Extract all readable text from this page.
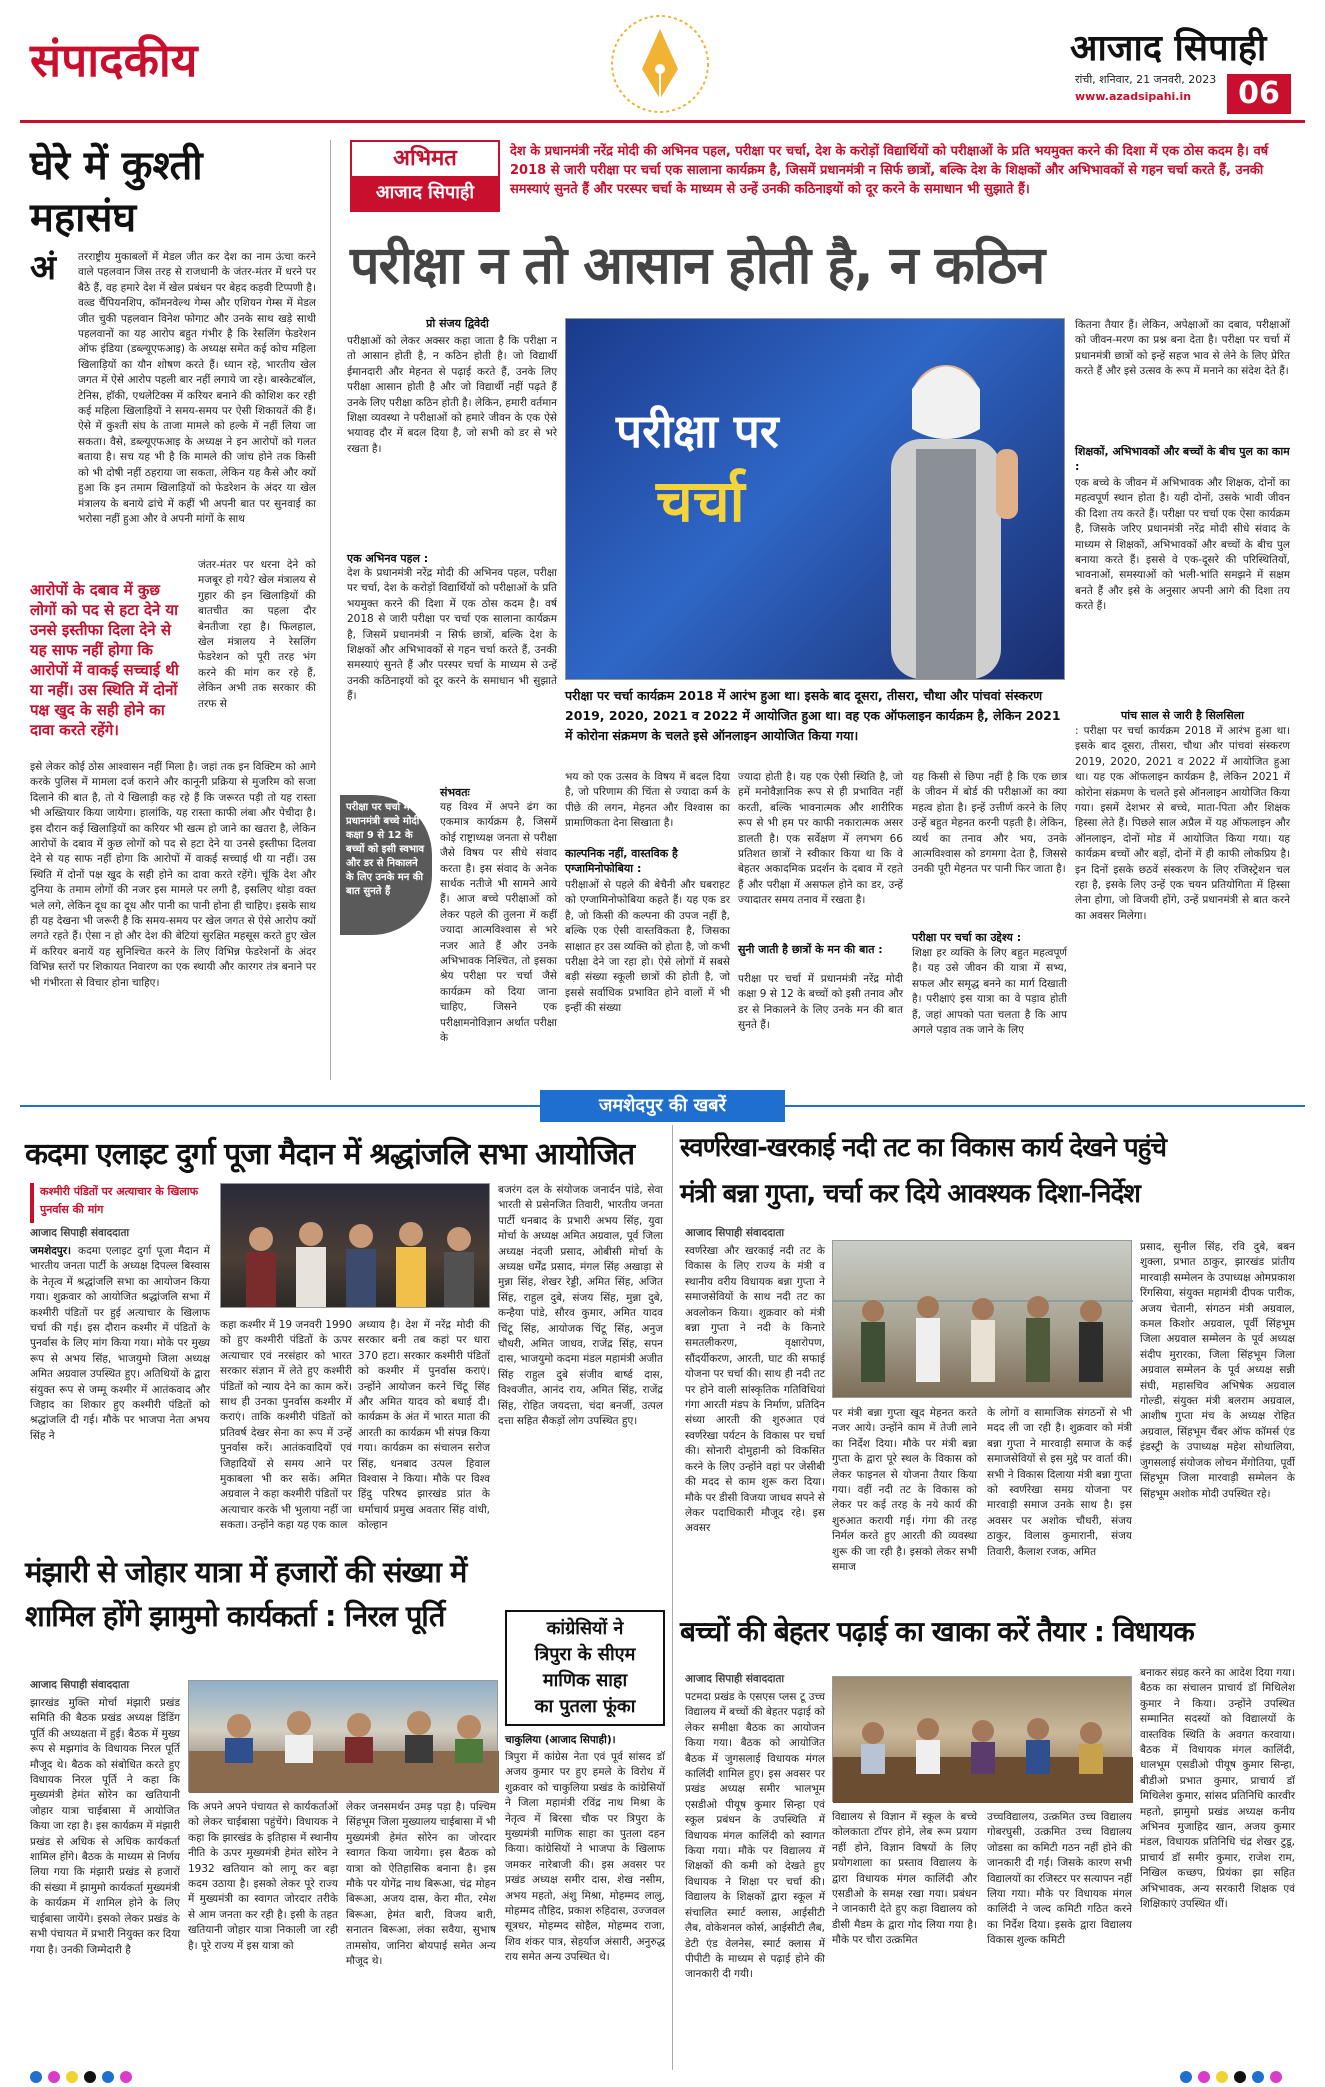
संपादकीय	आजाद सिपाही
रांची, शनिवार, 21 जनवरी, 2023
www.azadsipahi.in	06
घेरे में कुश्ती
महासंघ
अं तरराष्ट्रीय मुकाबलों में मेडल जीत कर देश का नाम ऊंचा करने वाले पहलवान जिस तरह से राजधानी के जंतर-मंतर में धरने पर बैठे हैं, वह हमारे देश में खेल प्रबंधन पर बेहद कड़वी टिप्पणी है। वल्र्ड चैंपियनशिप, कॉमनवेल्थ गेम्स और एशियन गेम्स में मेडल जीत चुकी पहलवान विनेश फोगाट और उनके साथ खड़े साथी पहलवानों का यह आरोप बहुत गंभीर है कि रेसलिंग फेडरेशन ऑफ इंडिया (डब्ल्यूएफआइ) के अध्यक्ष समेत कई कोच महिला खिलाड़ियों का यौन शोषण करते हैं। ध्यान रहे, भारतीय खेल जगत में ऐसे आरोप पहली बार नहीं लगाये जा रहे। बास्केटबॉल, टेनिस, हॉकी, एथलेटिक्स में करियर बनाने की कोशिश कर रही कई महिला खिलाड़ियों ने समय-समय पर ऐसी शिकायतें की हैं। ऐसे में कुश्ती संघ के ताजा मामले को हल्के में नहीं लिया जा सकता। वैसे, डब्ल्यूएफआइ के अध्यक्ष ने इन आरोपों को गलत बताया है। सच यह भी है कि मामले की जांच होने तक किसी को भी दोषी नहीं ठहराया जा सकता, लेकिन यह कैसे और क्यों हुआ कि इन तमाम खिलाड़ियों को फेडरेशन के अंदर या खेल मंत्रालय के बनाये ढांचे में कहीं भी अपनी बात पर सुनवाई का भरोसा नहीं हुआ और वे अपनी मांगों के साथ
आरोपों के दबाव में कुछ लोगों को पद से हटा देने या उनसे इस्तीफा दिला देने से यह साफ नहीं होगा कि आरोपों में वाकई सच्चाई थी या नहीं। उस स्थिति में दोनों पक्ष खुद के सही होने का दावा करते रहेंगे।
जंतर-मंतर पर धरना देने को मजबूर हो गये? खेल मंत्रालय से गुहार की इन खिलाड़ियों की बातचीत का पहला दौर बेनतीजा रहा है। फिलहाल, खेल मंत्रालय ने रेसलिंग फेडरेशन को पूरी तरह भंग करने की मांग कर रहे हैं, लेकिन अभी तक सरकार की तरफ से
इसे लेकर कोई ठोस आश्वासन नहीं मिला है। जहां तक इन विक्टिम को आगे करके पुलिस में मामला दर्ज कराने और कानूनी प्रक्रिया से मुजरिम को सजा दिलाने की बात है, तो ये खिलाड़ी कह रहे हैं कि जरूरत पड़ी तो यह रास्ता भी अख्तियार किया जायेगा। हालांकि, यह रास्ता काफी लंबा और पेचीदा है। इस दौरान कई खिलाड़ियों का करियर भी खत्म हो जाने का खतरा है, लेकिन आरोपों के दबाव में कुछ लोगों को पद से हटा देने या उनसे इस्तीफा दिलवा देने से यह साफ नहीं होगा कि आरोपों में वाकई सच्चाई थी या नहीं। उस स्थिति में दोनों पक्ष खुद के सही होने का दावा करते रहेंगे। चूंकि देश और दुनिया के तमाम लोगों की नजर इस मामले पर लगी है, इसलिए थोड़ा वक्त भले लगे, लेकिन दूध का दूध और पानी का पानी होना ही चाहिए। इसके साथ ही यह देखना भी जरूरी है कि समय-समय पर खेल जगत से ऐसे आरोप क्यों लगते रहते हैं। ऐसा न हो और देश की बेटियां सुरक्षित महसूस करते हुए खेल में करियर बनायें यह सुनिश्चित करने के लिए विभिन्न फेडरेशनों के अंदर विभिन्न स्तरों पर शिकायत निवारण का एक स्थायी और कारगर तंत्र बनाने पर भी गंभीरता से विचार होना चाहिए।
अभिमत
आजाद सिपाही
देश के प्रधानमंत्री नरेंद्र मोदी की अभिनव पहल, परीक्षा पर चर्चा, देश के करोड़ों विद्यार्थियों को परीक्षाओं के प्रति भयमुक्त करने की दिशा में एक ठोस कदम है। वर्ष 2018 से जारी परीक्षा पर चर्चा एक सालाना कार्यक्रम है, जिसमें प्रधानमंत्री न सिर्फ छात्रों, बल्कि देश के शिक्षकों और अभिभावकों से गहन चर्चा करते हैं, उनकी समस्याएं सुनते हैं और परस्पर चर्चा के माध्यम से उन्हें उनकी कठिनाइयों को दूर करने के समाधान भी सुझाते हैं।
परीक्षा न तो आसान होती है, न कठिन
प्रो संजय द्विवेदी
परीक्षाओं को लेकर अक्सर कहा जाता है कि परीक्षा न तो आसान होती है, न कठिन होती है। जो विद्यार्थी ईमानदारी और मेहनत से पढ़ाई करते हैं, उनके लिए परीक्षा आसान होती है और जो विद्यार्थी नहीं पढ़ते हैं उनके लिए परीक्षा कठिन होती है। लेकिन, हमारी वर्तमान शिक्षा व्यवस्था ने परीक्षाओं को हमारे जीवन के एक ऐसे भयावह दौर में बदल दिया है, जो सभी को डर से भरे रखता है।
एक अभिनव पहल :
देश के प्रधानमंत्री नरेंद्र मोदी की अभिनव पहल, परीक्षा पर चर्चा, देश के करोड़ों विद्यार्थियों को परीक्षाओं के प्रति भयमुक्त करने की दिशा में एक ठोस कदम है। वर्ष 2018 से जारी परीक्षा पर चर्चा एक सालाना कार्यक्रम है, जिसमें प्रधानमंत्री न सिर्फ छात्रों, बल्कि देश के शिक्षकों और अभिभावकों से गहन चर्चा करते हैं, उनकी समस्याएं सुनते हैं और परस्पर चर्चा के माध्यम से उन्हें उनकी कठिनाइयों को दूर करने के समाधान भी सुझाते हैं।
परीक्षा पर चर्चा में प्रधानमंत्री बच्चे मोदी कक्षा 9 से 12 के बच्चों को इसी स्वभाव और डर से निकालने के लिए उनके मन की बात सुनते हैं
संभवतः
यह विश्व में अपने ढंग का एकमात्र कार्यक्रम है, जिसमें कोई राष्ट्राध्यक्ष जनता से परीक्षा जैसे विषय पर सीधे संवाद करता है। इस संवाद के अनेक सार्थक नतीजे भी सामने आये हैं। आज बच्चे परीक्षाओं को लेकर पहले की तुलना में कहीं ज्यादा आत्मविश्वास से भरे नजर आते हैं और उनके अभिभावक निश्चित, तो इसका श्रेय परीक्षा पर चर्चा जैसे कार्यक्रम को दिया जाना चाहिए, जिसने एक परीक्षामनोविज्ञान अर्थात परीक्षा के
परीक्षा पर
चर्चा
परीक्षा पर चर्चा कार्यक्रम 2018 में आरंभ हुआ था। इसके बाद दूसरा, तीसरा, चौथा और पांचवां संस्करण 2019, 2020, 2021 व 2022 में आयोजित हुआ था। वह एक ऑफलाइन कार्यक्रम है, लेकिन 2021 में कोरोना संक्रमण के चलते इसे ऑनलाइन आयोजित किया गया।
भय को एक उत्सव के विषय में बदल दिया है, जो परिणाम की चिंता से ज्यादा कर्म के पीछे की लगन, मेहनत और विश्वास का प्रामाणिकता देना सिखाता है।
काल्पनिक नहीं, वास्तविक है एग्जामिनोफोबिया :
परीक्षाओं से पहले की बेचैनी और घबराहट को एग्जामिनोफोबिया कहते हैं। यह एक डर है, जो किसी की कल्पना की उपज नहीं है, बल्कि एक ऐसी वास्तविकता है, जिसका साक्षात हर उस व्यक्ति को होता है, जो कभी परीक्षा देने जा रहा हो। ऐसे लोगों में सबसे बड़ी संख्या स्कूली छात्रों की होती है, जो इससे सर्वाधिक प्रभावित होने वालों में भी इन्हीं की संख्या
ज्यादा होती है। यह एक ऐसी स्थिति है, जो हमें मनोवैज्ञानिक रूप से ही प्रभावित नहीं करती, बल्कि भावनात्मक और शारीरिक रूप से भी हम पर काफी नकारात्मक असर डालती है। एक सर्वेक्षण में लगभग 66 प्रतिशत छात्रों ने स्वीकार किया था कि वे बेहतर अकादमिक प्रदर्शन के दबाव में रहते हैं और परीक्षा में असफल होने का डर, उन्हें ज्यादातर समय तनाव में रखता है।
सुनी जाती है छात्रों के मन की बात :
परीक्षा पर चर्चा में प्रधानमंत्री नरेंद्र मोदी कक्षा 9 से 12 के बच्चों को इसी तनाव और डर से निकालने के लिए उनके मन की बात सुनते हैं।
यह किसी से छिपा नहीं है कि एक छात्र के जीवन में बोर्ड की परीक्षाओं का क्या महत्व होता है। इन्हें उत्तीर्ण करने के लिए उन्हें बहुत मेहनत करनी पड़ती है। लेकिन, व्यर्थ का तनाव और भय, उनके आत्मविश्वास को डगमगा देता है, जिससे उनकी पूरी मेहनत पर पानी फिर जाता है।
परीक्षा पर चर्चा का उद्देश्य :
शिक्षा हर व्यक्ति के लिए बहुत महत्वपूर्ण है। यह उसे जीवन की यात्रा में सभ्य, सफल और समृद्ध बनने का मार्ग दिखाती है। परीक्षाएं इस यात्रा का वे पड़ाव होती हैं, जहां आपको पता चलता है कि आप अगले पड़ाव तक जाने के लिए
कितना तैयार हैं। लेकिन, अपेक्षाओं का दबाव, परीक्षाओं को जीवन-मरण का प्रश्न बना देता है। परीक्षा पर चर्चा में प्रधानमंत्री छात्रों को इन्हें सहज भाव से लेने के लिए प्रेरित करते हैं और इसे उत्सव के रूप में मनाने का संदेश देते हैं।
शिक्षकों, अभिभावकों और बच्चों के बीच पुल का काम :
एक बच्चे के जीवन में अभिभावक और शिक्षक, दोनों का महत्वपूर्ण स्थान होता है। यही दोनों, उसके भावी जीवन की दिशा तय करते हैं। परीक्षा पर चर्चा एक ऐसा कार्यक्रम है, जिसके जरिए प्रधानमंत्री नरेंद्र मोदी सीधे संवाद के माध्यम से शिक्षकों, अभिभावकों और बच्चों के बीच पुल बनाया करते हैं। इससे वे एक-दूसरे की परिस्थितियों, भावनाओं, समस्याओं को भली-भांति समझने में सक्षम बनते हैं और इसे के अनुसार अपनी आगे की दिशा तय करते हैं।
पांच साल से जारी है सिलसिला
: परीक्षा पर चर्चा कार्यक्रम 2018 में आरंभ हुआ था। इसके बाद दूसरा, तीसरा, चौथा और पांचवां संस्करण 2019, 2020, 2021 व 2022 में आयोजित हुआ था। यह एक ऑफलाइन कार्यक्रम है, लेकिन 2021 में कोरोना संक्रमण के चलते इसे ऑनलाइन आयोजित किया गया। इसमें देशभर से बच्चे, माता-पिता और शिक्षक हिस्सा लेते हैं। पिछले साल अप्रैल में यह ऑफलाइन और ऑनलाइन, दोनों मोड में आयोजित किया गया। यह कार्यक्रम बच्चों और बड़ों, दोनों में ही काफी लोकप्रिय है। इन दिनों इसके छठवें संस्करण के लिए रजिस्ट्रेशन चल रहा है, इसके लिए उन्हें एक चयन प्रतियोगिता में हिस्सा लेना होगा, जो विजयी होंगे, उन्हें प्रधानमंत्री से बात करने का अवसर मिलेगा।
जमशेदपुर की खबरें
कदमा एलाइट दुर्गा पूजा मैदान में श्रद्धांजलि सभा आयोजित
कश्मीरी पंडितों पर अत्याचार के खिलाफ पुनर्वास की मांग
आजाद सिपाही संवाददाता
जमशेदपुर। कदमा एलाइट दुर्गा पूजा मैदान में भारतीय जनता पार्टी के अध्यक्ष दिपल्ल बिस्वास के नेतृत्व में श्रद्धांजलि सभा का आयोजन किया गया। शुक्रवार को आयोजित श्रद्धांजलि सभा में कश्मीरी पंडितों पर हुई अत्याचार के खिलाफ चर्चा की गई। इस दौरान कश्मीर में पंडितों के पुनर्वास के लिए मांग किया गया। मोके पर मुख्य रूप से अभय सिंह, भाजयुमो जिला अध्यक्ष अमित अग्रवाल उपस्थित हुए। अतिथियों के द्वारा संयुक्त रूप से जम्मू कश्मीर में आतंकवाद और जिहाद का शिकार हुए कश्मीरी पंडितों को श्रद्धांजलि दी गई। मौके पर भाजपा नेता अभय सिंह ने
कहा कश्मीर में 19 जनवरी 1990 को हुए कश्मीरी पंडितों के ऊपर अत्याचार एवं नरसंहार को भारत सरकार संज्ञान में लेते हुए कश्मीरी पंडितों को न्याय देने का काम करें। साथ ही उनका पुनर्वास कश्मीर में कराएं। ताकि कश्मीरी पंडितों को प्रतिवर्ष देखर सेना का रूप में उन्हें पुनर्वास करें। आतंकवादियों एवं जिहादियों से समय आने पर मुकाबला भी कर सकें। अमित अग्रवाल ने कहा कश्मीरी पंडितों पर अत्याचार करके भी भुलाया नहीं जा सकता। उन्होंने कहा यह एक काल
अध्याय है। देश में नरेंद्र मोदी की सरकार बनी तब कहां पर धारा 370 हटा। सरकार कश्मीरी पंडितों को कश्मीर में पुनर्वास कराएं। उन्होंने आयोजन करने चिंटू सिंह और अमित यादव को बधाई दी। कार्यक्रम के अंत में भारत माता की आरती का कार्यक्रम भी संपन्न किया गया। कार्यक्रम का संचालन सरोज सिंह, धनबाद उत्पल हिवाल विश्वास ने किया। मौके पर विश्व हिंदु परिषद झारखंड प्रांत के धर्माचार्य प्रमुख अवतार सिंह वांधी, कोल्हान
बजरंग दल के संयोजक जनार्दन पांडे, सेवा भारती से प्रसेनजित तिवारी, भारतीय जनता पार्टी धनबाद के प्रभारी अभय सिंह, युवा मोर्चा के अध्यक्ष अमित अग्रवाल, पूर्व जिला अध्यक्ष नंदजी प्रसाद, ओबीसी मोर्चा के अध्यक्ष धर्मेंद्र प्रसाद, मंगल सिंह अखाड़ा से मुन्ना सिंह, शेखर रेड्डी, अमित सिंह, अजित सिंह, राहुल दुबे, संजय सिंह, मुन्ना दुबे, कन्हैया पांडे, सौरव कुमार, अमित यादव चिंटू सिंह, आयोजक चिंटू सिंह, अनुज चौधरी, अमित जाधव, राजेंद्र सिंह, सपन दास, भाजयुमो कदमा मंडल महामंत्री अजीत सिंह राहुल दुबे संजीव बार्ष्ड दास, विश्वजीत, आनंद राय, अमित सिंह, राजेंद्र सिंह, रोहित जयदत्ता, चंदा बनर्जी, उत्पल दत्ता सहित सैकड़ों लोग उपस्थित हुए।
मंझारी से जोहार यात्रा में हजारों की संख्या में शामिल होंगे झामुमो कार्यकर्ता : निरल पूर्ति
आजाद सिपाही संवाददाता
झारखंड मुक्ति मोर्चा मंझारी प्रखंड समिति की बैठक प्रखंड अध्यक्ष डिंडिंग पूर्ति की अध्यक्षता में हुई। बैठक में मुख्य रूप से मझगांव के विधायक निरल पूर्ति मौजूद थे। बैठक को संबोधित करते हुए विधायक निरल पूर्ति ने कहा कि मुख्यमंत्री हेमंत सोरेन का खतियानी जोहार यात्रा चाईबासा में आयोजित किया जा रहा है। इस कार्यक्रम में मंझारी प्रखंड से अधिक से अधिक कार्यकर्ता शामिल होंगे। बैठक के माध्यम से निर्णय लिया गया कि मंझारी प्रखंड से हजारों की संख्या में झामुमो कार्यकर्ता मुख्यमंत्री के कार्यक्रम में शामिल होने के लिए चाईबासा जायेंगे। इसको लेकर प्रखंड के सभी पंचायत में प्रभारी नियुक्त कर दिया गया है। उनकी जिम्मेदारी है
कि अपने अपने पंचायत से कार्यकर्ताओं को लेकर चाईबासा पहुंचेंगे। विधायक ने कहा कि झारखंड के इतिहास में स्थानीय नीति के ऊपर मुख्यमंत्री हेमंत सोरेन ने 1932 खतियान को लागू कर बड़ा कदम उठाया है। इसको लेकर पूरे राज्य में मुख्यमंत्री का स्वागत जोरदार तरीके से आम जनता कर रही है। इसी के तहत खतियानी जोहार यात्रा निकाली जा रही है। पूरे राज्य में इस यात्रा को
लेकर जनसमर्थन उमड़ पड़ा है। पश्चिम सिंहभूम जिला मुख्यालय चाईबासा में भी मुख्यमंत्री हेमंत सोरेन का जोरदार स्वागत किया जायेगा। इस बैठक को यात्रा को ऐतिहासिक बनाना है। इस मौके पर योगेंद्र नाथ बिरूआ, चंद्र मोहन बिरूआ, अजय दास, केरा मीत, रमेश बिरूआ, हेमंत बारी, विजय बारी, सनातन बिरूआ, लंका सवैया, सुभाष तामसोय, जानिरा बोयपाई समेत अन्य मौजूद थे।
कांग्रेसियों ने
त्रिपुरा के सीएम
माणिक साहा
का पुतला फूंका
चाकुलिया (आजाद सिपाही)।
त्रिपुरा में कांग्रेस नेता एवं पूर्व सांसद डॉ अजय कुमार पर हुए हमले के विरोध में शुक्रवार को चाकुलिया प्रखंड के कांग्रेसियों ने जिला महामंत्री रविंद्र नाथ मिश्रा के नेतृत्व में बिरसा चौक पर त्रिपुरा के मुख्यमंत्री माणिक साहा का पुतला दहन किया। कांग्रेसियों ने भाजपा के खिलाफ जमकर नारेबाजी की। इस अवसर पर प्रखंड अध्यक्ष समीर दास, शेख नसीम, अभय महतो, अंशु मिश्रा, मोहम्मद लालु, मोहम्मद तौहिद, प्रकाश रुहिदास, उज्जवल सूत्रधर, मोहम्मद सोहैल, मोहम्मद राजा, शिव शंकर पात्र, सेहर्याज अंसारी, अनुरुद्ध राय समेत अन्य उपस्थित थे।
स्वर्णरेखा-खरकाई नदी तट का विकास कार्य देखने पहुंचे
मंत्री बन्ना गुप्ता, चर्चा कर दिये आवश्यक दिशा-निर्देश
आजाद सिपाही संवाददाता
स्वर्णरेखा और खरकाई नदी तट के विकास के लिए राज्य के मंत्री व स्थानीय वरीय विधायक बन्ना गुप्ता ने समाजसेवियों के साथ नदी तट का अवलोकन किया। शुक्रवार को मंत्री बन्ना गुप्ता ने नदी के किनारे समतलीकरण, वृक्षारोपण, सौंदर्यीकरण, आरती, घाट की सफाई योजना पर चर्चा की। साथ ही नदी तट पर होने वाली सांस्कृतिक गतिविधियां गंगा आरती मंडप के निर्माण, प्रतिदिन संध्या आरती की शुरुआत एवं स्वर्णरेखा पर्यटन के विकास पर चर्चा की। सोनारी दोमुहानी को विकसित करने के लिए उन्होंने वहां पर जेसीबी की मदद से काम शुरू करा दिया। मौके पर डीसी विजया जाधव सपने से लेकर पदाधिकारी मौजूद रहे। इस अवसर
पर मंत्री बन्ना गुप्ता खूद मेहनत करते नजर आये। उन्होंने काम में तेजी लाने का निर्देश दिया। मौके पर मंत्री बन्ना गुप्ता के द्वारा पूरे स्थल के विकास को लेकर फाइनल से योजना तैयार किया गया। वहीं नदी तट के विकास को लेकर पर कई तरह के नये कार्य की शुरुआत करायी गई। गंगा की तरह निर्मल करते हुए आरती की व्यवस्था शुरू की जा रही है। इसको लेकर सभी समाज
के लोगों व सामाजिक संगठनों से भी मदद ली जा रही है। शुक्रवार को मंत्री बन्ना गुप्ता ने मारवाड़ी समाज के कई समाजसेवियों से इस मुद्दे पर वार्ता की। सभी ने विकास दिलाया मंत्री बन्ना गुप्ता को स्वर्णरेखा समग्र योजना पर मारवाड़ी समाज उनके साथ है। इस अवसर पर अशोक चौधरी, संजय ठाकुर, विलास कुमारानी, संजय तिवारी, कैलाश रजक, अमित
प्रसाद, सुनील सिंह, रवि दुबे, बबन शुक्ला, प्रभात ठाकुर, झारखंड प्रांतीय मारवाड़ी सम्मेलन के उपाध्यक्ष ओमप्रकाश रिंगसिया, संयुक्त महामंत्री दीपक पारीक, अजय चेतानी, संगठन मंत्री अग्रवाल, कमल किशोर अग्रवाल, पूर्वी सिंहभूम जिला अग्रवाल सम्मेलन के पूर्व अध्यक्ष संदीप मुरारका, जिला सिंहभूम जिला अग्रवाल सम्मेलन के पूर्व अध्यक्ष सन्नी संघी, महासचिव अभिषेक अग्रवाल गोल्डी, संयुक्त मंत्री बलराम अग्रवाल, आशीष गुप्ता मंच के अध्यक्ष रोहित अग्रवाल, सिंहभूम चैंबर ऑफ कॉमर्स एंड इंडस्ट्री के उपाध्यक्ष महेश सोथालिया, जुगसलाई संयोजक लोचन मेंगोतिया, पूर्वी सिंहभूम जिला मारवाड़ी सम्मेलन के सिंहभूम अशोक मोदी उपस्थित रहे।
बच्चों की बेहतर पढ़ाई का खाका करें तैयार : विधायक
आजाद सिपाही संवाददाता
पटमदा प्रखंड के एसएस प्लस टू उच्च विद्यालय में बच्चों की बेहतर पढ़ाई को लेकर समीक्षा बैठक का आयोजन किया गया। बैठक को आयोजित बैठक में जुगसलाई विधायक मंगल कालिंदी शामिल हुए। इस अवसर पर प्रखंड अध्यक्ष समीर भालभूम एसडीओ पीयूष कुमार सिन्हा एवं स्कूल प्रबंधन के उपस्थिति में विधायक मंगल कालिंदी को स्वागत किया गया। मौके पर विद्यालय में शिक्षकों की कमी को देखते हुए विधायक ने शिक्षा पर चर्चा की। विद्यालय के शिक्षकों द्वारा स्कूल में संचालित स्मार्ट क्लास, आईसीटी लैब, वोकेशनल कोर्स, आईसीटी लैब, डेटी एंड वेलनेस, स्मार्ट क्लास में पीपीटी के माध्यम से पढ़ाई होने की जानकारी दी गयी।
विद्यालय से विज्ञान में स्कूल के बच्चे कोलकाता टॉपर होने, लेब रूम प्रयाग नहीं होने, विज्ञान विषयों के लिए प्रयोगशाला का प्रस्ताव विद्यालय के द्वारा विधायक मंगल कालिंदी और एसडीओ के समक्ष रखा गया। प्रबंधन ने जानकारी देते हुए कहा विद्यालय को डीसी मैडम के द्वारा गोद लिया गया है। मौके पर चौरा उत्क्रमित
उच्चविद्यालय, उत्क्रमित उच्च विद्यालय गोबरघुसी, उत्क्रमित उच्च विद्यालय जोडसा का कमिटी गठन नहीं होने की जानकारी दी गई। जिसके कारण सभी विद्यालयों का रजिस्टर पर सत्यापन नहीं लिया गया। मौके पर विधायक मंगल कालिंदी ने जल्द कमिटी गठित करने का निर्देश दिया। इसके द्वारा विद्यालय विकास शुल्क कमिटी
बनाकर संग्रह करने का आदेश दिया गया। बैठक का संचालन प्राचार्य डॉ मिथिलेश कुमार ने किया। उन्होंने उपस्थित सम्मानित सदस्यों को विद्यालयों के वास्तविक स्थिति के अवगत करवाया। बैठक में विधायक मंगल कालिंदी, धालभूम एसडीओ पीयूष कुमार सिन्हा, बीडीओ प्रभात कुमार, प्राचार्य डॉ मिथिलेश कुमार, सांसद प्रतिनिधि कारवीर महतो, झामुमो प्रखंड अध्यक्ष कनीय अभिनव मुजाहिद खान, अजय कुमार मंडल, विधायक प्रतिनिधि चंद्र शेखर टुडू, प्राचार्य डॉ समीर कुमार, राजेश राम, निखिल कच्छप, प्रियंका झा सहित अभिभावक, अन्य सरकारी शिक्षक एवं शिक्षिकाएं उपस्थित थीं।
